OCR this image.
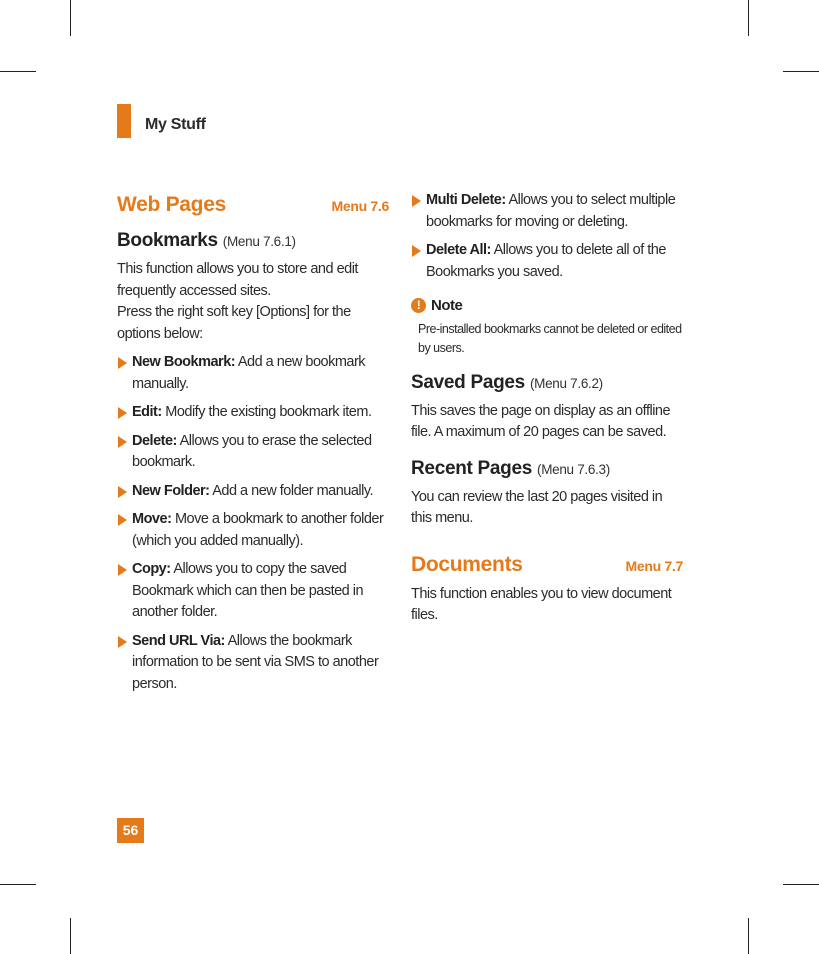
My Stuff
Web Pages	Menu 7.6
Bookmarks (Menu 7.6.1)

This function allows you to store and edit frequently accessed sites.

Press the right soft key [Options] for the options below:

New Bookmark: Add a new bookmark manually.
Edit: Modify the existing bookmark item.
Delete: Allows you to erase the selected bookmark.
New Folder: Add a new folder manually.
Move: Move a bookmark to another folder (which you added manually).
Copy: Allows you to copy the saved Bookmark which can then be pasted in another folder.
Send URL Via: Allows the bookmark information to be sent via SMS to another person.
Multi Delete: Allows you to select multiple bookmarks for moving or deleting.
Delete All: Allows you to delete all of the Bookmarks you saved.
! Note

Pre-installed bookmarks cannot be deleted or edited by users.

Saved Pages (Menu 7.6.2)

This saves the page on display as an offline file. A maximum of 20 pages can be saved.

Recent Pages (Menu 7.6.3)

You can review the last 20 pages visited in this menu.

Documents	Menu 7.7

This function enables you to view document files.

56
